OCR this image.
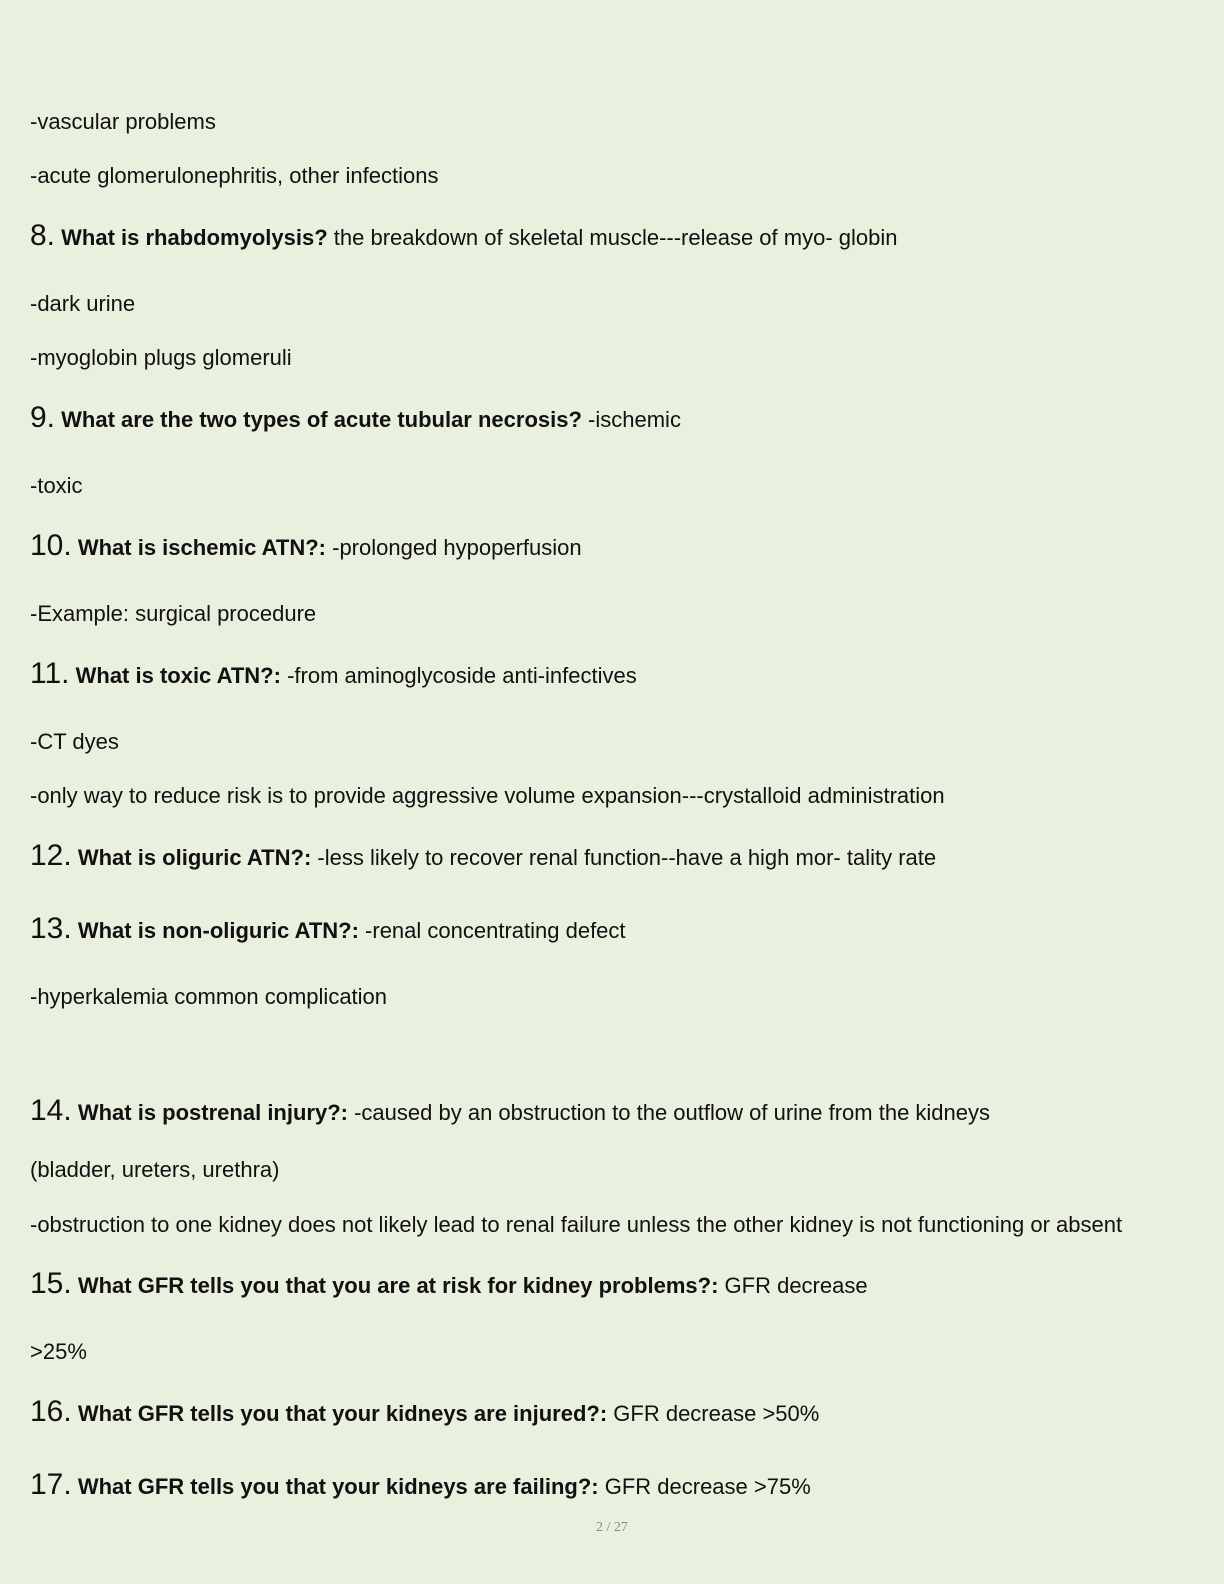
-vascular problems
-acute glomerulonephritis, other infections
8. What is rhabdomyolysis? the breakdown of skeletal muscle---release of myo- globin
-dark urine
-myoglobin plugs glomeruli
9. What are the two types of acute tubular necrosis? -ischemic
-toxic
10. What is ischemic ATN?: -prolonged hypoperfusion
-Example: surgical procedure
11. What is toxic ATN?: -from aminoglycoside anti-infectives
-CT dyes
-only way to reduce risk is to provide aggressive volume expansion---crystalloid administration
12. What is oliguric ATN?: -less likely to recover renal function--have a high mor- tality rate
13. What is non-oliguric ATN?: -renal concentrating defect
-hyperkalemia common complication
14. What is postrenal injury?: -caused by an obstruction to the outflow of urine from the kidneys
(bladder, ureters, urethra)
-obstruction to one kidney does not likely lead to renal failure unless the other kidney is not functioning or absent
15. What GFR tells you that you are at risk for kidney problems?: GFR decrease
>25%
16. What GFR tells you that your kidneys are injured?: GFR decrease >50%
17. What GFR tells you that your kidneys are failing?: GFR decrease >75%
2 / 27
